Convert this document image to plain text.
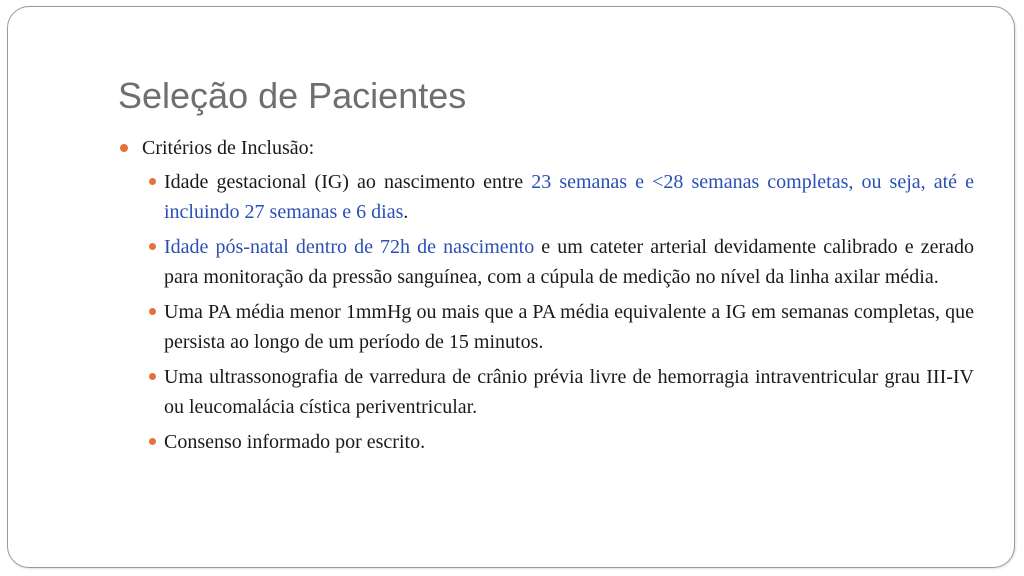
Seleção de Pacientes
Critérios de Inclusão:
Idade gestacional (IG) ao nascimento entre 23 semanas e <28 semanas completas, ou seja, até e incluindo 27 semanas e 6 dias.
Idade pós-natal dentro de 72h de nascimento e um cateter arterial devidamente calibrado e zerado para monitoração da pressão sanguínea, com a cúpula de medição no nível da linha axilar média.
Uma PA média menor 1mmHg ou mais que a PA média equivalente a IG em semanas completas, que persista ao longo de um período de 15 minutos.
Uma ultrassonografia de varredura de crânio prévia livre de hemorragia intraventricular grau III-IV ou leucomalácia cística periventricular.
Consenso informado por escrito.
